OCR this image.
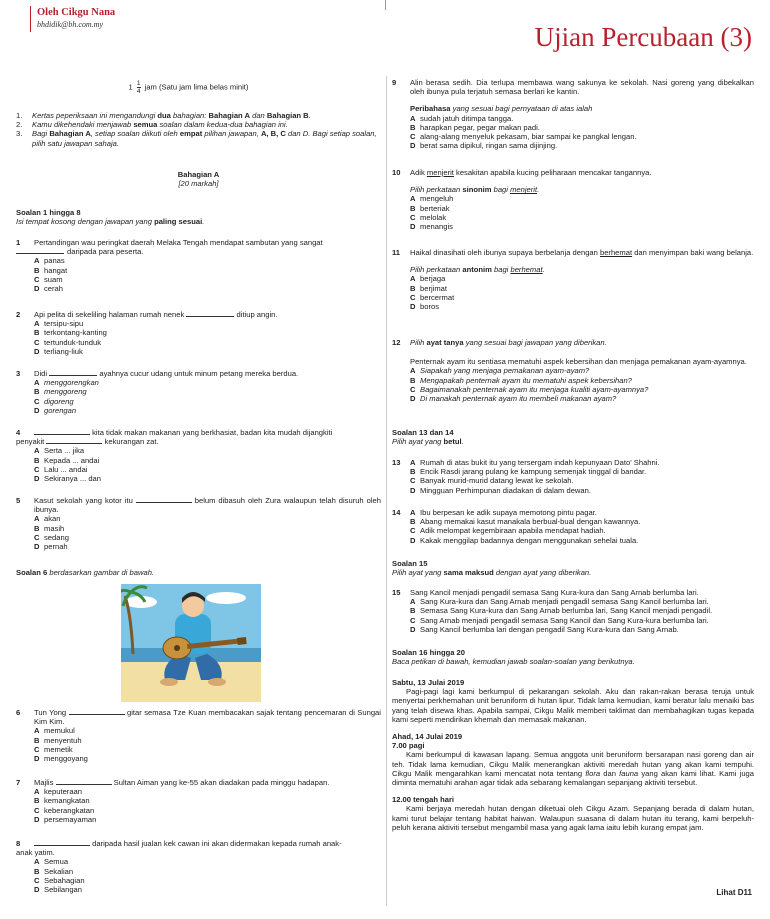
Oleh Cikgu Nana
bhdidik@bh.com.my	Ujian Percubaan (3)
$1 \frac{1}{4}$ jam (Satu jam lima belas minit)
1. Kertas peperiksaan ini mengandungi dua bahagian: Bahagian A dan Bahagian B.
2. Kamu dikehendaki menjawab semua soalan dalam kedua-dua bahagian ini.
3. Bagi Bahagian A, setiap soalan diikuti oleh empat pilihan jawapan, A, B, C dan D. Bagi setiap soalan, pilih satu jawapan sahaja.
Bahagian A
[20 markah]
Soalan 1 hingga 8
Isi tempat kosong dengan jawapan yang paling sesuai.
1 Pertandingan wau peringkat daerah Melaka Tengah mendapat sambutan yang sangat
daripada para peserta.
A panas
B hangat
C suam
D cerah
2 Api pelita di sekeliling halaman rumah nenek	ditiup angin.
A tersipu-sipu
B terkontang-kanting
C tertunduk-tunduk
D terliang-liuk
3 Didi	ayahnya cucur udang untuk minum petang mereka berdua.
A menggorengkan
B menggoreng
C digoreng
D gorengan
4	kita tidak makan makanan yang berkhasiat, badan kita mudah dijangkiti
penyakit	kekurangan zat.
A Serta ... jika
B Kepada ... andai
C Lalu ... andai
D Sekiranya ... dan
5 Kasut sekolah yang kotor itu	belum dibasuh oleh Zura walaupun telah disuruh oleh ibunya.
A akan
B masih
C sedang
D pernah
Soalan 6 berdasarkan gambar di bawah.
6 Tun Yong	gitar semasa Tze Kuan membacakan sajak tentang pencemaran di Sungai Kim Kim.
A memukul
B menyentuh
C memetik
D menggoyang
7 Majlis	Sultan Aiman yang ke-55 akan diadakan pada minggu hadapan.
A keputeraan
B kemangkatan
C keberangkatan
D persemayaman
8	daripada hasil jualan kek cawan ini akan didermakan kepada rumah anak-
anak yatim.
A Semua
B Sekalian
C Sebahagian
D Sebilangan
9 Alin berasa sedih. Dia terlupa membawa wang sakunya ke sekolah. Nasi goreng yang dibekalkan oleh ibunya pula terjatuh semasa berlari ke kantin.
Peribahasa yang sesuai bagi pernyataan di atas ialah
A sudah jatuh ditimpa tangga.
B harapkan pegar, pegar makan padi.
C alang-alang menyeluk pekasam, biar sampai ke pangkal lengan.
D berat sama dipikul, ringan sama dijinjing.
10 Adik menjerit kesakitan apabila kucing peliharaan mencakar tangannya.
Pilih perkataan sinonim bagi menjerit.
A mengeluh
B berteriak
C melolak
D menangis
11 Haikal dinasihati oleh ibunya supaya berbelanja dengan berhemat dan menyimpan baki wang belanja.
Pilih perkataan antonim bagi berhemat.
A berjaga
B berjimat
C bercermat
D boros
12 Pilih ayat tanya yang sesuai bagi jawapan yang diberikan.
Penternak ayam itu sentiasa mematuhi aspek kebersihan dan menjaga pemakanan ayam-ayamnya.
A Siapakah yang menjaga pemakanan ayam-ayam?
B Mengapakah penternak ayam itu mematuhi aspek kebersihan?
C Bagaimanakah penternak ayam itu menjaga kualiti ayam-ayamnya?
D Di manakah penternak ayam itu membeli makanan ayam?
Soalan 13 dan 14
Pilih ayat yang betul.
13 A Rumah di atas bukit itu yang tersergam indah kepunyaan Dato' Shahni.
B Encik Rasdi jarang pulang ke kampung semenjak tinggal di bandar.
C Banyak murid-murid datang lewat ke sekolah.
D Mingguan Perhimpunan diadakan di dalam dewan.
14 A Ibu berpesan ke adik supaya memotong pintu pagar.
B Abang memakai kasut manakala berbual-bual dengan kawannya.
C Adik melompat kegembiraan apabila mendapat hadiah.
D Kakak menggilap badannya dengan menggunakan sehelai tuala.
Soalan 15
Pilih ayat yang sama maksud dengan ayat yang diberikan.
15 Sang Kancil menjadi pengadil semasa Sang Kura-kura dan Sang Arnab berlumba lari.
A Sang Kura-kura dan Sang Arnab menjadi pengadil semasa Sang Kancil berlumba lari.
B Semasa Sang Kura-kura dan Sang Arnab berlumba lari, Sang Kancil menjadi pengadil.
C Sang Arnab menjadi pengadil semasa Sang Kancil dan Sang Kura-kura berlumba lari.
D Sang Kancil berlumba lari dengan pengadil Sang Kura-kura dan Sang Arnab.
Soalan 16 hingga 20
Baca petikan di bawah, kemudian jawab soalan-soalan yang berikutnya.
Sabtu, 13 Julai 2019
Pagi-pagi lagi kami berkumpul di pekarangan sekolah. Aku dan rakan-rakan berasa teruja untuk menyertai perkhemahan unit beruniform di hutan lipur. Tidak lama kemudian, kami beratur lalu menaiki bas yang telah disewa khas. Apabila sampai, Cikgu Malik memberi taklimat dan membahagikan tugas kepada kami seperti mendirikan khemah dan memasak makanan.
Ahad, 14 Julai 2019
7.00 pagi
Kami berkumpul di kawasan lapang. Semua anggota unit beruniform bersarapan nasi goreng dan air teh. Tidak lama kemudian, Cikgu Malik menerangkan aktiviti meredah hutan yang akan kami tempuhi. Cikgu Malik mengarahkan kami mencatat nota tentang flora dan fauna yang akan kami lihat. Kami juga diminta mematuhi arahan agar tidak ada sebarang kemalangan sepanjang aktiviti tersebut.
12.00 tengah hari
Kami berjaya meredah hutan dengan diketuai oleh Cikgu Azam. Sepanjang berada di dalam hutan, kami turut belajar tentang habitat haiwan. Walaupun suasana di dalam hutan itu terang, kami berpeluh-peluh kerana aktiviti tersebut mengambil masa yang agak lama iaitu lebih kurang empat jam.
Lihat D11
